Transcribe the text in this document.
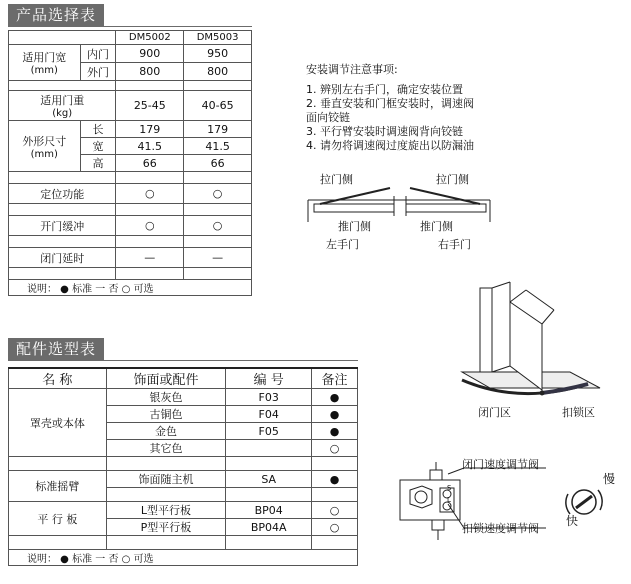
产品选择表
		DM5002	DM5003

适用门宽
(mm)	内门	900	950
	外门	800	800

适用门重
(kg)		25-45	40-65

外形尺寸
(mm)	长	179	179
	宽	41.5	41.5
	高	66	66

定位功能		○	○

开门缓冲		○	○

闭门延时		—	—

说明： ● 标准 一 否 ○ 可选			
安装调节注意事项:
1. 辨别左右手门，确定安装位置
2. 垂直安装和门框安装时，调速阀
面向铰链
3. 平行臂安装时调速阀背向铰链
4. 请勿将调速阀过度旋出以防漏油
拉门侧	拉门侧
推门侧	推门侧
左手门	右手门
闭门区	扣锁区
S
L
闭门速度调节阀
扣锁速度调节阀
慢
快
配件选型表
名 称	饰面或配件	编 号	备注
罩壳或本体	银灰色	F03	●
	古铜色	F04	●
	金色	F05	●
	其它色		○

标准摇臂	饰面随主机	SA	●

平 行 板	L型平行板	BP04	○
	P型平行板	BP04A	○

说明： ● 标准 一 否 ○ 可选			
